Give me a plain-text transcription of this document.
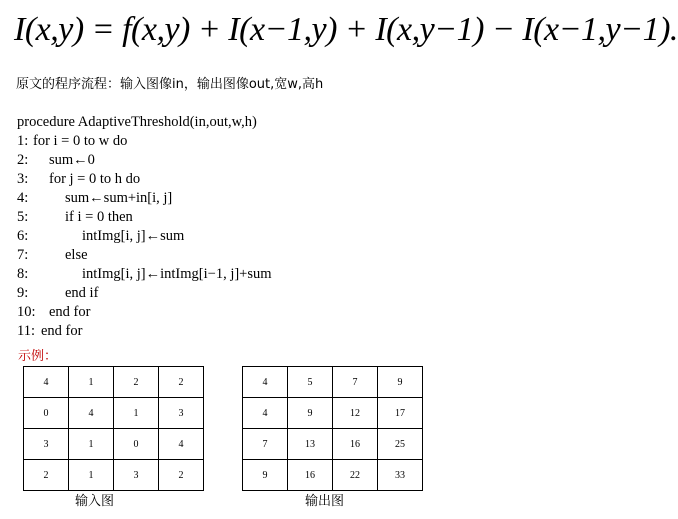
I(x,y) = f(x,y) + I(x−1,y) + I(x,y−1) − I(x−1,y−1).
原文的程序流程：输入图像in，输出图像out,宽w,高h
procedure AdaptiveThreshold(in,out,w,h)
1: for i = 0 to w do
2:	sum←0
3:	for j = 0 to h do
4:	sum←sum+in[i, j]
5:	if i = 0 then
6:	intImg[i, j]←sum
7:	else
8:	intImg[i, j]←intImg[i−1, j]+sum
9:	end if
10: end for
11: end for
示例：
4	1	2	2
0	4	1	3
3	1	0	4
2	1	3	2
4	5	7	9
4	9	12	17
7	13	16	25
9	16	22	33
输入图	输出图
